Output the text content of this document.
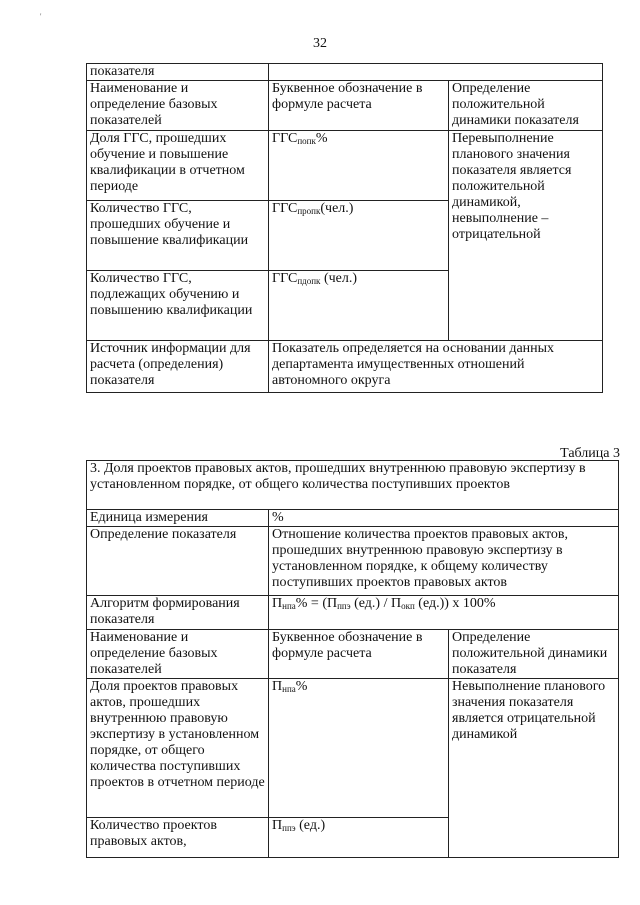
'
32
показателя		
Наименование и определение базовых показателей	Буквенное обозначение в формуле расчета	Определение положительной динамики показателя
Доля ГГС, прошедших обучение и повышение квалификации в отчетном периоде	$ГГС_{попк}\%$	Перевыполнение планового значения показателя является положительной динамикой, невыполнение – отрицательной
Количество ГГС, прошедших обучение и повышение квалификации	$ГГС_{пропк}(чел.)$	
Количество ГГС, подлежащих обучению и повышению квалификации	$ГГС_{пдопк}$ (чел.)	
Источник информации для расчета (определения) показателя	Показатель определяется на основании данных департамента имущественных отношений автономного округа	
Таблица 3
3. Доля проектов правовых актов, прошедших внутреннюю правовую экспертизу в установленном порядке, от общего количества поступивших проектов		
Единица измерения	%	
Определение показателя	Отношение количества проектов правовых актов, прошедших внутреннюю правовую экспертизу в установленном порядке, к общему количеству поступивших проектов правовых актов	
Алгоритм формирования показателя	$П_{нпа}\% = (П_{ппэ}$ $(ед.) / П_{окп}$ (ед.)) х 100%	
Наименование и определение базовых показателей	Буквенное обозначение в формуле расчета	Определение положительной динамики показателя
Доля проектов правовых актов, прошедших внутреннюю правовую экспертизу в установленном порядке, от общего количества поступивших проектов в отчетном периоде	$П_{нпа}\%$	Невыполнение планового значения показателя является отрицательной динамикой
Количество проектов правовых актов,	$П_{ппэ}$ (ед.)	
